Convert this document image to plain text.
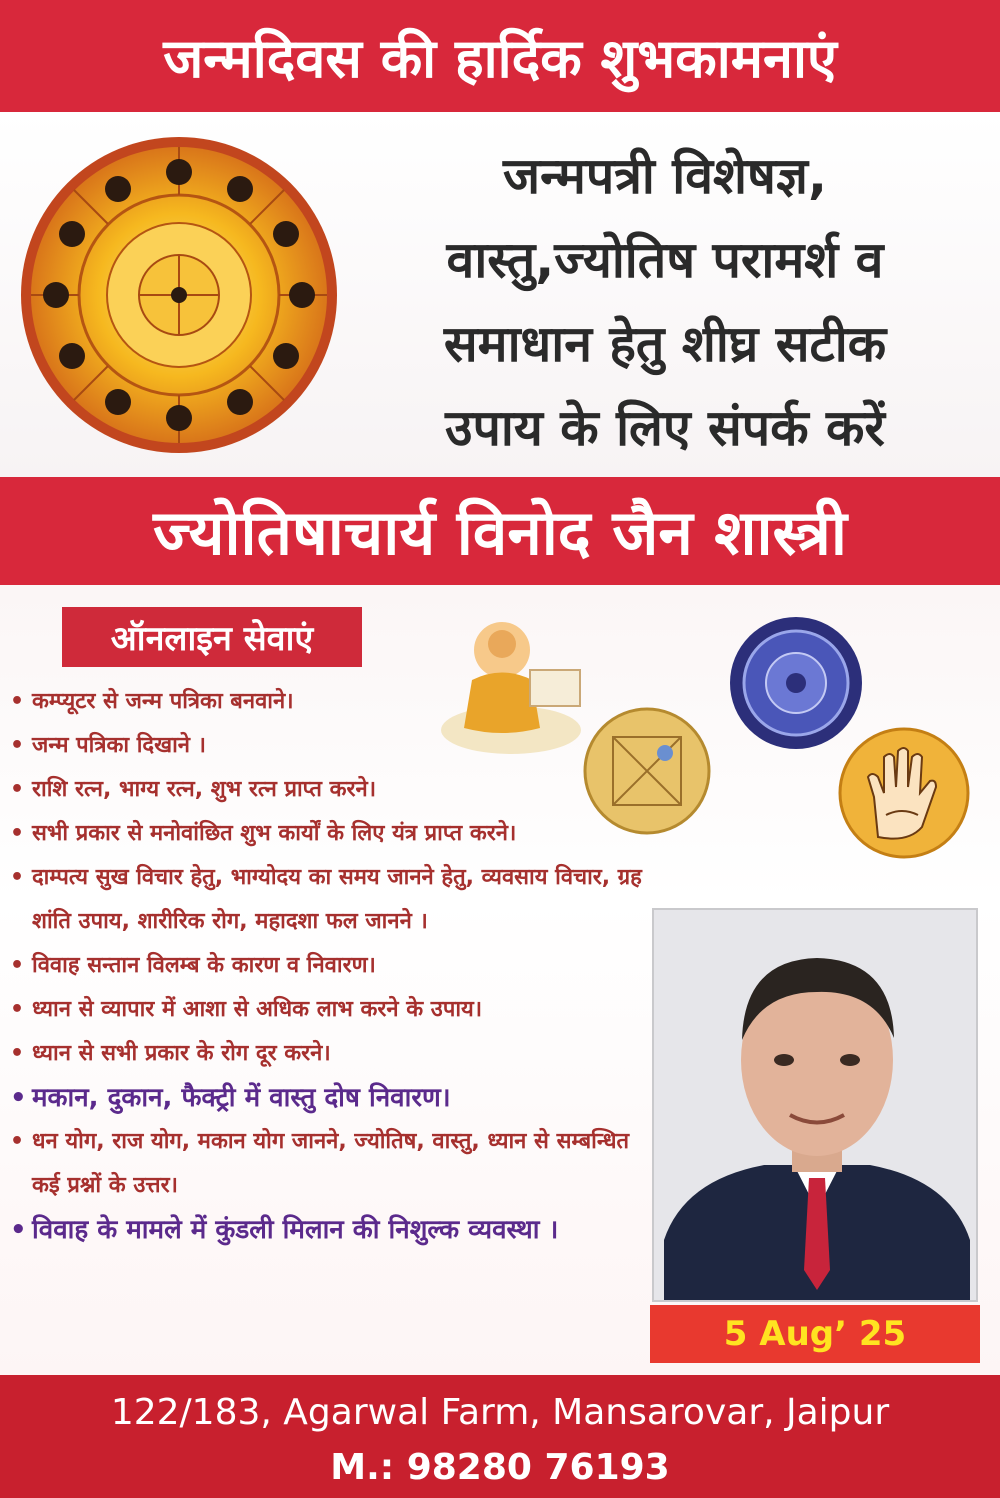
जन्मदिवस की हार्दिक शुभकामनाएं
जन्मपत्री विशेषज्ञ,
वास्तु,ज्योतिष परामर्श व
समाधान हेतु शीघ्र सटीक
उपाय के लिए संपर्क करें
ज्योतिषाचार्य विनोद जैन शास्त्री
ऑनलाइन सेवाएं
• कम्प्यूटर से जन्म पत्रिका बनवाने।
• जन्म पत्रिका दिखाने ।
• राशि रत्न, भाग्य रत्न, शुभ रत्न प्राप्त करने।
• सभी प्रकार से मनोवांछित शुभ कार्यों के लिए यंत्र प्राप्त करने।
• दाम्पत्य सुख विचार हेतु, भाग्योदय का समय जानने हेतु, व्यवसाय विचार, ग्रह शांति उपाय, शारीरिक रोग, महादशा फल जानने ।
• विवाह सन्तान विलम्ब के कारण व निवारण।
• ध्यान से व्यापार में आशा से अधिक लाभ करने के उपाय।
• ध्यान से सभी प्रकार के रोग दूर करने।
• मकान, दुकान, फैक्ट्री में वास्तु दोष निवारण।
• धन योग, राज योग, मकान योग जानने, ज्योतिष, वास्तु, ध्यान से सम्बन्धित कई प्रश्नों के उत्तर।
• विवाह के मामले में कुंडली मिलान की निशुल्क व्यवस्था ।
5 Aug’ 25
122/183, Agarwal Farm, Mansarovar, Jaipur
M.: 98280 76193
